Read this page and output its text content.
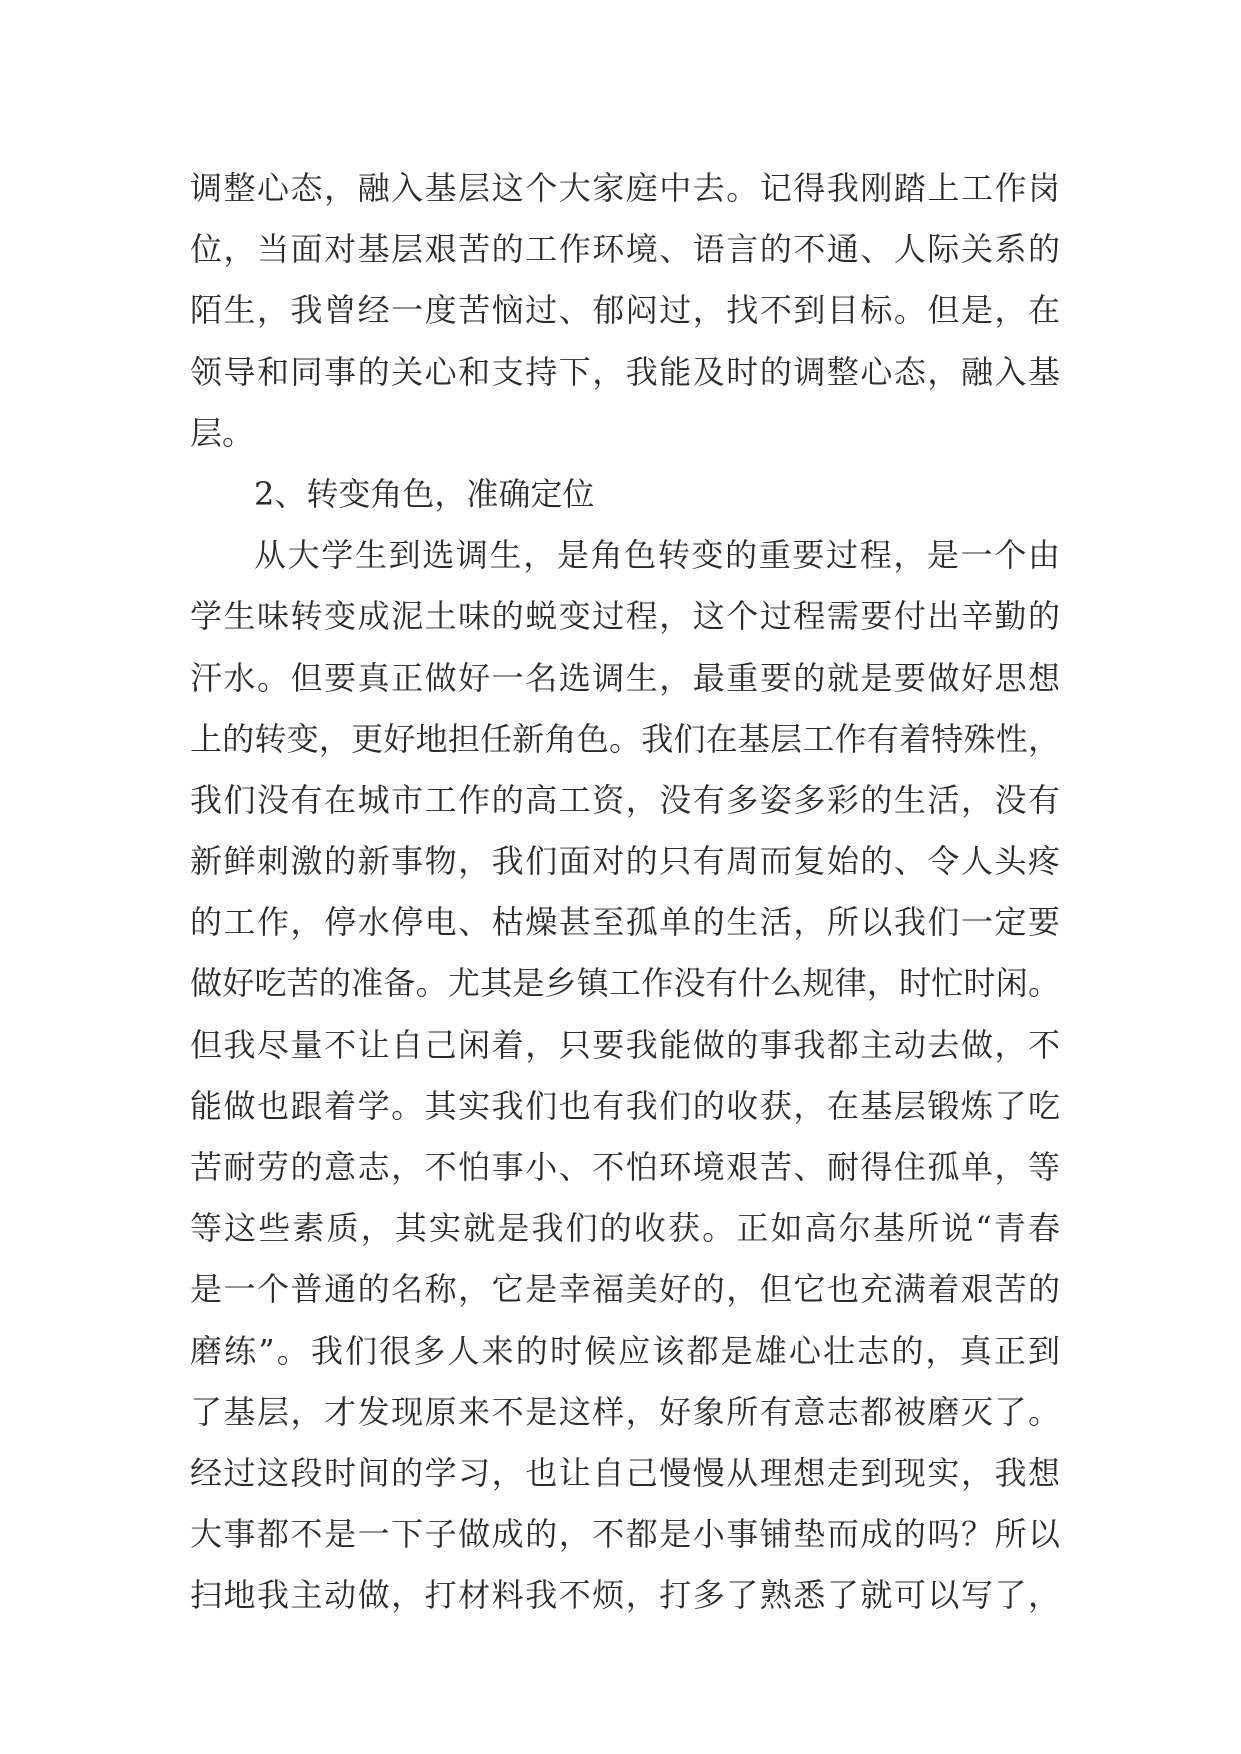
调整心态，融入基层这个大家庭中去。记得我刚踏上工作岗
位，当面对基层艰苦的工作环境、语言的不通、人际关系的
陌生，我曾经一度苦恼过、郁闷过，找不到目标。但是，在
领导和同事的关心和支持下，我能及时的调整心态，融入基
层。
2、转变角色，准确定位
从大学生到选调生，是角色转变的重要过程，是一个由
学生味转变成泥土味的蜕变过程，这个过程需要付出辛勤的
汗水。但要真正做好一名选调生，最重要的就是要做好思想
上的转变，更好地担任新角色。我们在基层工作有着特殊性，
我们没有在城市工作的高工资，没有多姿多彩的生活，没有
新鲜刺激的新事物，我们面对的只有周而复始的、令人头疼
的工作，停水停电、枯燥甚至孤单的生活，所以我们一定要
做好吃苦的准备。尤其是乡镇工作没有什么规律，时忙时闲。
但我尽量不让自己闲着，只要我能做的事我都主动去做，不
能做也跟着学。其实我们也有我们的收获，在基层锻炼了吃
苦耐劳的意志，不怕事小、不怕环境艰苦、耐得住孤单，等
等这些素质，其实就是我们的收获。正如高尔基所说“青春
是一个普通的名称，它是幸福美好的，但它也充满着艰苦的
磨练”。我们很多人来的时候应该都是雄心壮志的，真正到
了基层，才发现原来不是这样，好象所有意志都被磨灭了。
经过这段时间的学习，也让自己慢慢从理想走到现实，我想
大事都不是一下子做成的，不都是小事铺垫而成的吗？所以
扫地我主动做，打材料我不烦，打多了熟悉了就可以写了，
